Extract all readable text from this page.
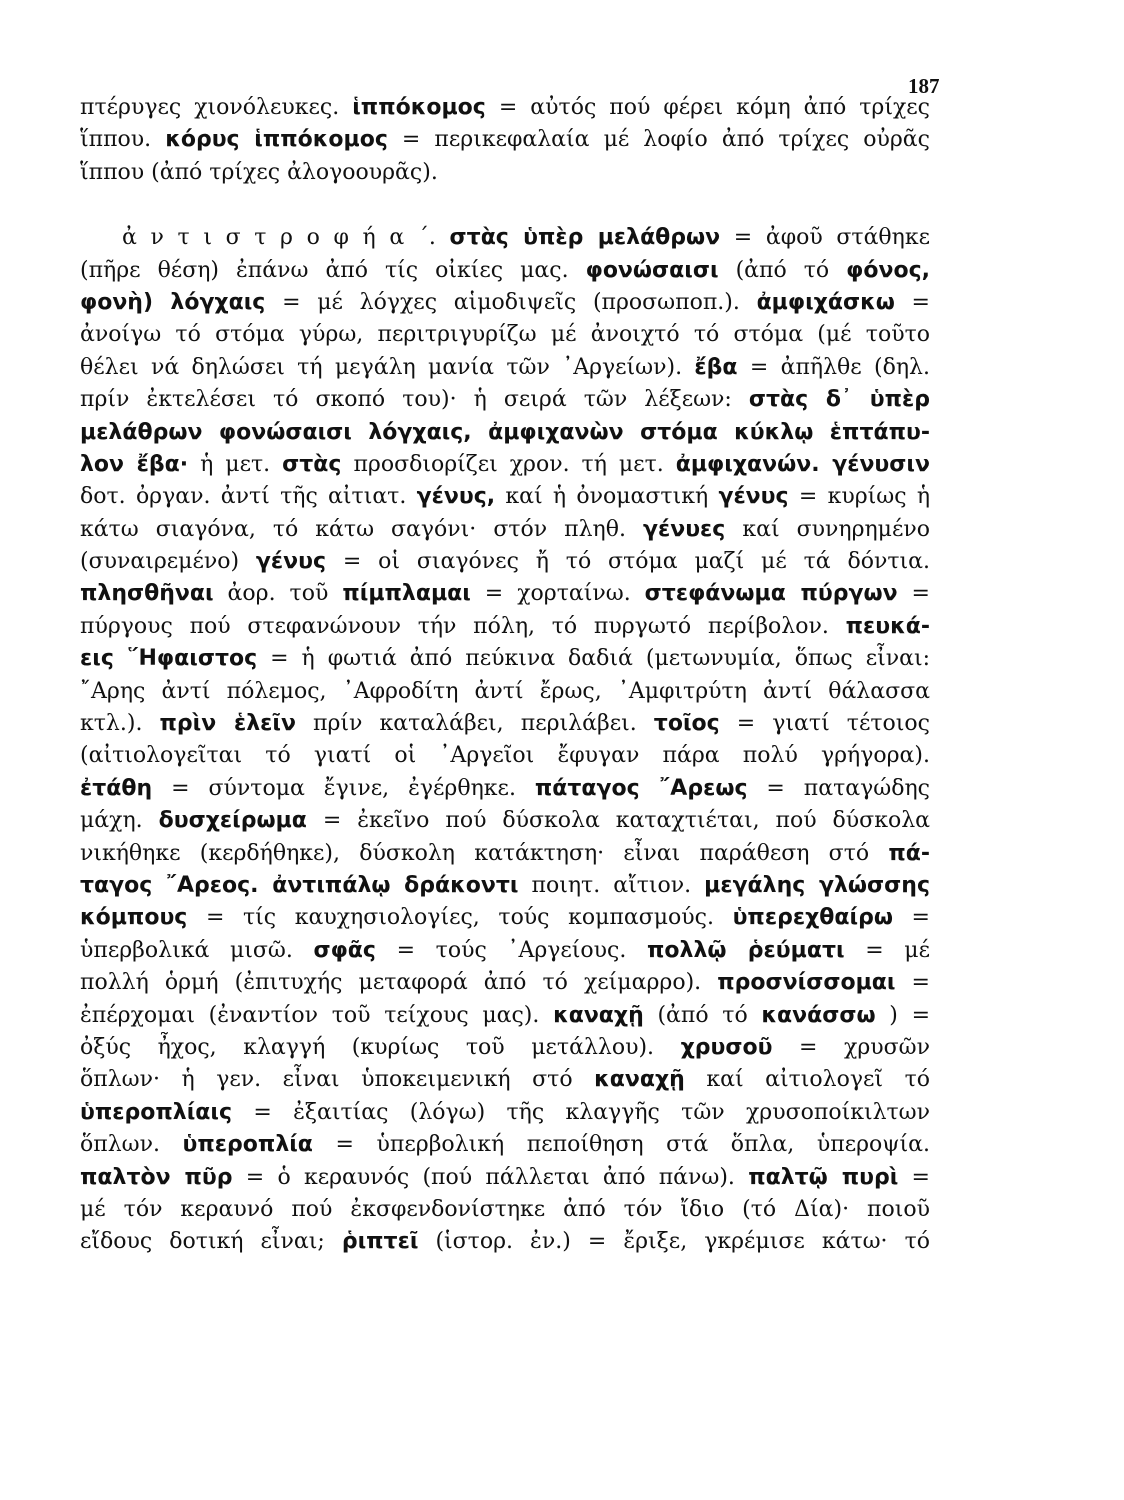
187
πτέρυγες χιονόλευκες. ἱππόκομος = αὐτός πού φέρει κόμη ἀπό τρίχες
ἵππου. κόρυς ἱππόκομος = περικεφαλαία μέ λοφίο ἀπό τρίχες οὐρᾶς
ἵππου (ἀπό τρίχες ἀλογοουρᾶς).
ἀ ν τ ι σ τ ρ ο φ ή α ΄. στὰς ὑπὲρ μελάθρων = ἀφοῦ στάθηκε
(πῆρε θέση) ἐπάνω ἀπό τίς οἰκίες μας. φονώσαισι (ἀπό τό φόνος,
φονὴ) λόγχαις = μέ λόγχες αἱμοδιψεῖς (προσωποπ.). ἀμφιχάσκω =
ἀνοίγω τό στόμα γύρω, περιτριγυρίζω μέ ἀνοιχτό τό στόμα (μέ τοῦτο
θέλει νά δηλώσει τή μεγάλη μανία τῶν ᾿Αργείων). ἔβα = ἀπῆλθε (δηλ.
πρίν ἐκτελέσει τό σκοπό του)· ἡ σειρά τῶν λέξεων: στὰς δ᾿ ὑπὲρ
μελάθρων φονώσαισι λόγχαις, ἀμφιχανὼν στόμα κύκλῳ ἑπτάπυ-
λον ἔβα· ἡ μετ. στὰς προσδιορίζει χρον. τή μετ. ἀμφιχανών. γένυσιν
δοτ. ὀργαν. ἀντί τῆς αἰτιατ. γένυς, καί ἡ ὀνομαστική γένυς = κυρίως ἡ
κάτω σιαγόνα, τό κάτω σαγόνι· στόν πληθ. γένυες καί συνηρημένο
(συναιρεμένο) γένυς = οἱ σιαγόνες ἤ τό στόμα μαζί μέ τά δόντια.
πλησθῆναι ἀορ. τοῦ πίμπλαμαι = χορταίνω. στεφάνωμα πύργων =
πύργους πού στεφανώνουν τήν πόλη, τό πυργωτό περίβολον. πευκά-
εις ῞Ηφαιστος = ἡ φωτιά ἀπό πεύκινα δαδιά (μετωνυμία, ὅπως εἶναι:
῎Αρης ἀντί πόλεμος, ᾿Αφροδίτη ἀντί ἔρως, ᾿Αμφιτρύτη ἀντί θάλασσα
κτλ.). πρὶν ἑλεῖν πρίν καταλάβει, περιλάβει. τοῖος = γιατί τέτοιος
(αἰτιολογεῖται τό γιατί οἱ ᾿Αργεῖοι ἔφυγαν πάρα πολύ γρήγορα).
ἐτάθη = σύντομα ἔγινε, ἐγέρθηκε. πάταγος ῎Αρεως = παταγώδης
μάχη. δυσχείρωμα = ἐκεῖνο πού δύσκολα καταχτιέται, πού δύσκολα
νικήθηκε (κερδήθηκε), δύσκολη κατάκτηση· εἶναι παράθεση στό πά-
ταγος ῎Αρεος. ἀντιπάλῳ δράκοντι ποιητ. αἴτιον. μεγάλης γλώσσης
κόμπους = τίς καυχησιολογίες, τούς κομπασμούς. ὑπερεχθαίρω =
ὑπερβολικά μισῶ. σφᾶς = τούς ᾿Αργείους. πολλῷ ῥεύματι = μέ
πολλή ὁρμή (ἐπιτυχής μεταφορά ἀπό τό χείμαρρο). προσνίσσομαι =
ἐπέρχομαι (ἐναντίον τοῦ τείχους μας). καναχῇ (ἀπό τό κανάσσω ) =
ὀξύς ἦχος, κλαγγή (κυρίως τοῦ μετάλλου). χρυσοῦ = χρυσῶν
ὅπλων· ἡ γεν. εἶναι ὑποκειμενική στό καναχῇ καί αἰτιολογεῖ τό
ὑπεροπλίαις = ἐξαιτίας (λόγω) τῆς κλαγγῆς τῶν χρυσοποίκιλτων
ὅπλων. ὑπεροπλία = ὑπερβολική πεποίθηση στά ὅπλα, ὑπεροψία.
παλτὸν πῦρ = ὁ κεραυνός (πού πάλλεται ἀπό πάνω). παλτῷ πυρὶ =
μέ τόν κεραυνό πού ἐκσφενδονίστηκε ἀπό τόν ἴδιο (τό Δία)· ποιοῦ
εἴδους δοτική εἶναι; ῥιπτεῖ (ἱστορ. ἐν.) = ἔριξε, γκρέμισε κάτω· τό
